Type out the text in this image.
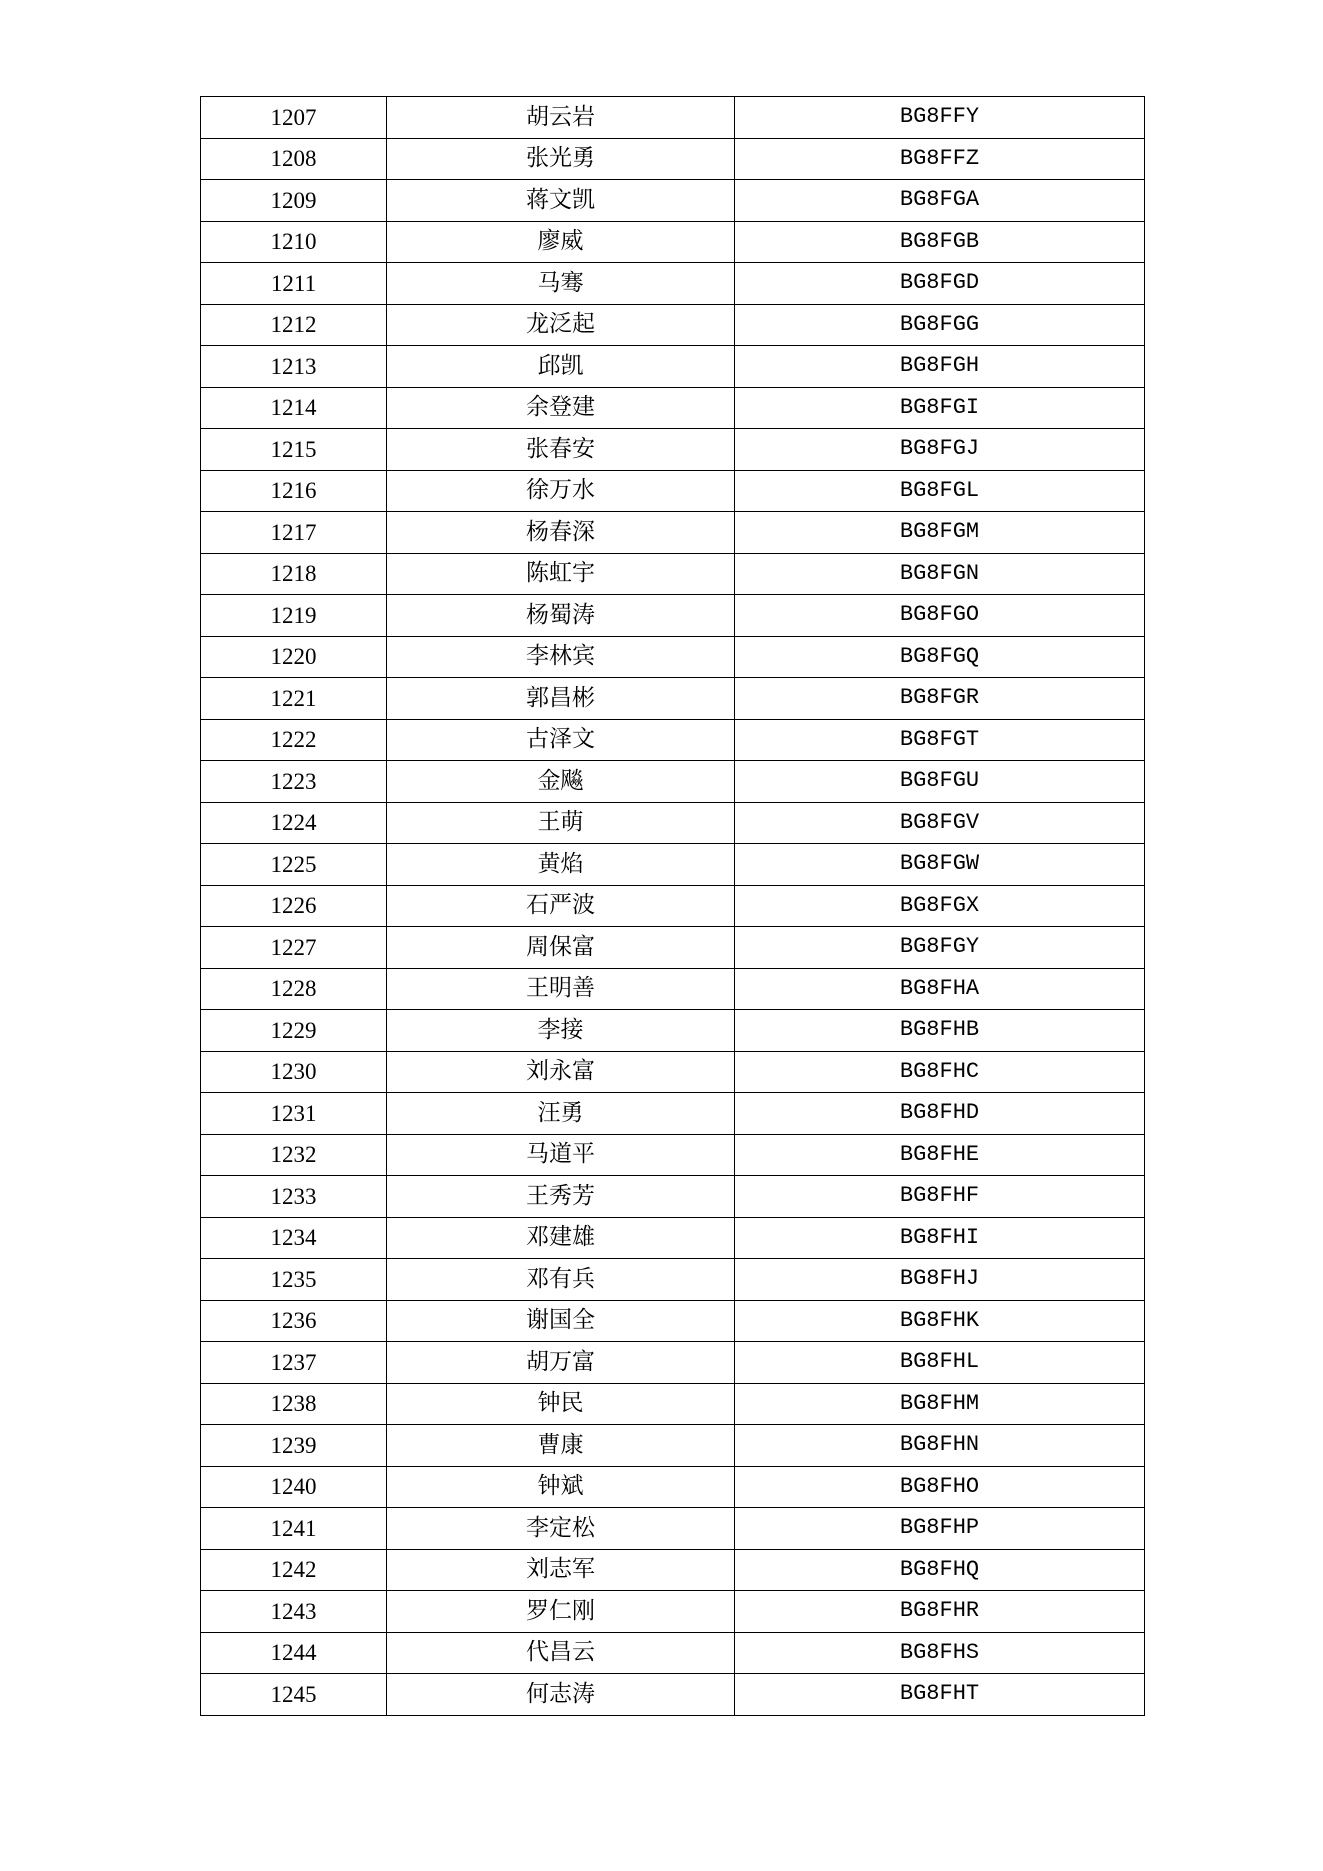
1207	胡云岩	BG8FFY
1208	张光勇	BG8FFZ
1209	蒋文凯	BG8FGA
1210	廖威	BG8FGB
1211	马骞	BG8FGD
1212	龙泛起	BG8FGG
1213	邱凯	BG8FGH
1214	余登建	BG8FGI
1215	张春安	BG8FGJ
1216	徐万水	BG8FGL
1217	杨春深	BG8FGM
1218	陈虹宇	BG8FGN
1219	杨蜀涛	BG8FGO
1220	李林宾	BG8FGQ
1221	郭昌彬	BG8FGR
1222	古泽文	BG8FGT
1223	金飚	BG8FGU
1224	王萌	BG8FGV
1225	黄焰	BG8FGW
1226	石严波	BG8FGX
1227	周保富	BG8FGY
1228	王明善	BG8FHA
1229	李接	BG8FHB
1230	刘永富	BG8FHC
1231	汪勇	BG8FHD
1232	马道平	BG8FHE
1233	王秀芳	BG8FHF
1234	邓建雄	BG8FHI
1235	邓有兵	BG8FHJ
1236	谢国全	BG8FHK
1237	胡万富	BG8FHL
1238	钟民	BG8FHM
1239	曹康	BG8FHN
1240	钟斌	BG8FHO
1241	李定松	BG8FHP
1242	刘志军	BG8FHQ
1243	罗仁刚	BG8FHR
1244	代昌云	BG8FHS
1245	何志涛	BG8FHT
